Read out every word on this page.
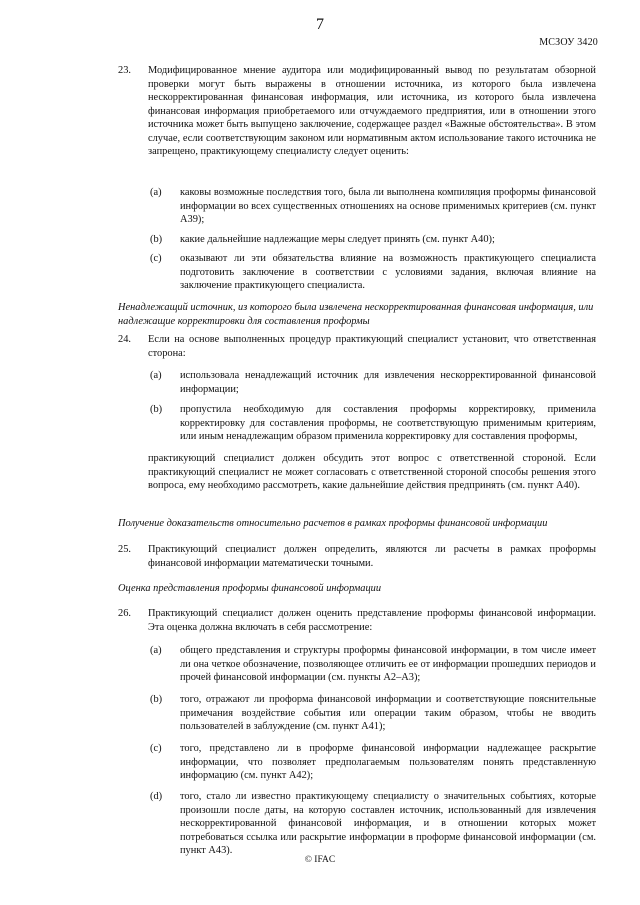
7
МСЗОУ 3420
23. Модифицированное мнение аудитора или модифицированный вывод по результатам обзорной проверки могут быть выражены в отношении источника, из которого была извлечена нескорректированная финансовая информация, или источника, из которого была извлечена финансовая информация приобретаемого или отчуждаемого предприятия, или в отношении этого источника может быть выпущено заключение, содержащее раздел «Важные обстоятельства». В этом случае, если соответствующим законом или нормативным актом использование такого источника не запрещено, практикующему специалисту следует оценить:
(a) каковы возможные последствия того, была ли выполнена компиляция проформы финансовой информации во всех существенных отношениях на основе применимых критериев (см. пункт А39);
(b) какие дальнейшие надлежащие меры следует принять (см. пункт А40);
(c) оказывают ли эти обязательства влияние на возможность практикующего специалиста подготовить заключение в соответствии с условиями задания, включая влияние на заключение практикующего специалиста.
Ненадлежащий источник, из которого была извлечена нескорректированная финансовая информация, или надлежащие корректировки для составления проформы
24. Если на основе выполненных процедур практикующий специалист установит, что ответственная сторона:
(a) использовала ненадлежащий источник для извлечения нескорректированной финансовой информации;
(b) пропустила необходимую для составления проформы корректировку, применила корректировку для составления проформы, не соответствующую применимым критериям, или иным ненадлежащим образом применила корректировку для составления проформы,
практикующий специалист должен обсудить этот вопрос с ответственной стороной. Если практикующий специалист не может согласовать с ответственной стороной способы решения этого вопроса, ему необходимо рассмотреть, какие дальнейшие действия предпринять (см. пункт А40).
Получение доказательств относительно расчетов в рамках проформы финансовой информации
25. Практикующий специалист должен определить, являются ли расчеты в рамках проформы финансовой информации математически точными.
Оценка представления проформы финансовой информации
26. Практикующий специалист должен оценить представление проформы финансовой информации. Эта оценка должна включать в себя рассмотрение:
(a) общего представления и структуры проформы финансовой информации, в том числе имеет ли она четкое обозначение, позволяющее отличить ее от информации прошедших периодов и прочей финансовой информации (см. пункты А2–А3);
(b) того, отражают ли проформа финансовой информации и соответствующие пояснительные примечания воздействие события или операции таким образом, чтобы не вводить пользователей в заблуждение (см. пункт А41);
(c) того, представлено ли в проформе финансовой информации надлежащее раскрытие информации, что позволяет предполагаемым пользователям понять представленную информацию (см. пункт А42);
(d) того, стало ли известно практикующему специалисту о значительных событиях, которые произошли после даты, на которую составлен источник, использованный для извлечения нескорректированной финансовой информация, и в отношении которых может потребоваться ссылка или раскрытие информации в проформе финансовой информации (см. пункт А43).
© IFAC
